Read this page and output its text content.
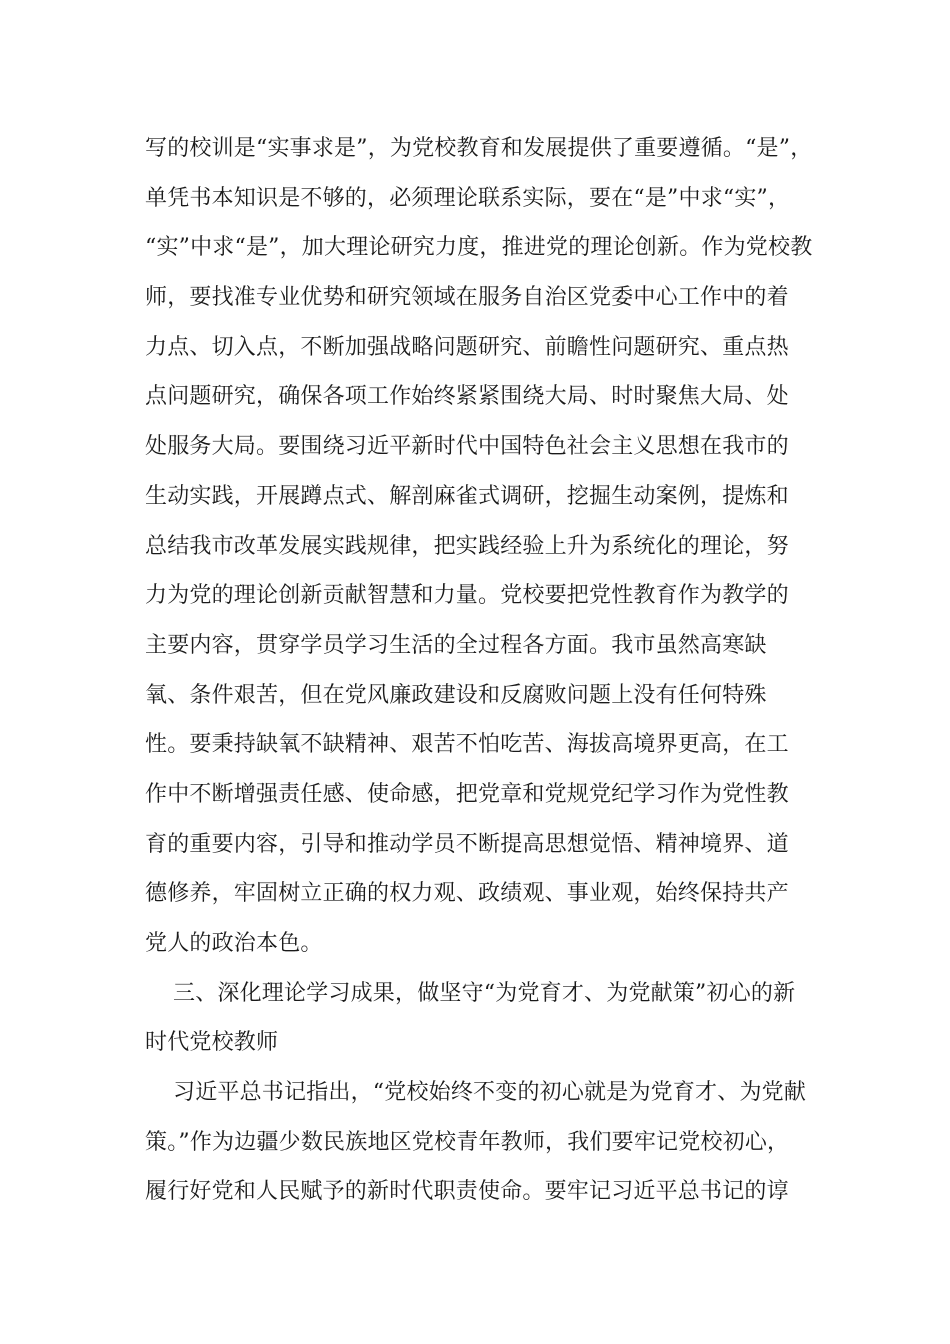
写的校训是“实事求是”，为党校教育和发展提供了重要遵循。“是”，
单凭书本知识是不够的，必须理论联系实际，要在“是”中求“实”，
“实”中求“是”，加大理论研究力度，推进党的理论创新。作为党校教
师，要找准专业优势和研究领域在服务自治区党委中心工作中的着
力点、切入点，不断加强战略问题研究、前瞻性问题研究、重点热
点问题研究，确保各项工作始终紧紧围绕大局、时时聚焦大局、处
处服务大局。要围绕习近平新时代中国特色社会主义思想在我市的
生动实践，开展蹲点式、解剖麻雀式调研，挖掘生动案例，提炼和
总结我市改革发展实践规律，把实践经验上升为系统化的理论，努
力为党的理论创新贡献智慧和力量。党校要把党性教育作为教学的
主要内容，贯穿学员学习生活的全过程各方面。我市虽然高寒缺
氧、条件艰苦，但在党风廉政建设和反腐败问题上没有任何特殊
性。要秉持缺氧不缺精神、艰苦不怕吃苦、海拔高境界更高，在工
作中不断增强责任感、使命感，把党章和党规党纪学习作为党性教
育的重要内容，引导和推动学员不断提高思想觉悟、精神境界、道
德修养，牢固树立正确的权力观、政绩观、事业观，始终保持共产
党人的政治本色。
三、深化理论学习成果，做坚守“为党育才、为党献策”初心的新
时代党校教师
习近平总书记指出，“党校始终不变的初心就是为党育才、为党献
策。”作为边疆少数民族地区党校青年教师，我们要牢记党校初心，
履行好党和人民赋予的新时代职责使命。要牢记习近平总书记的谆
